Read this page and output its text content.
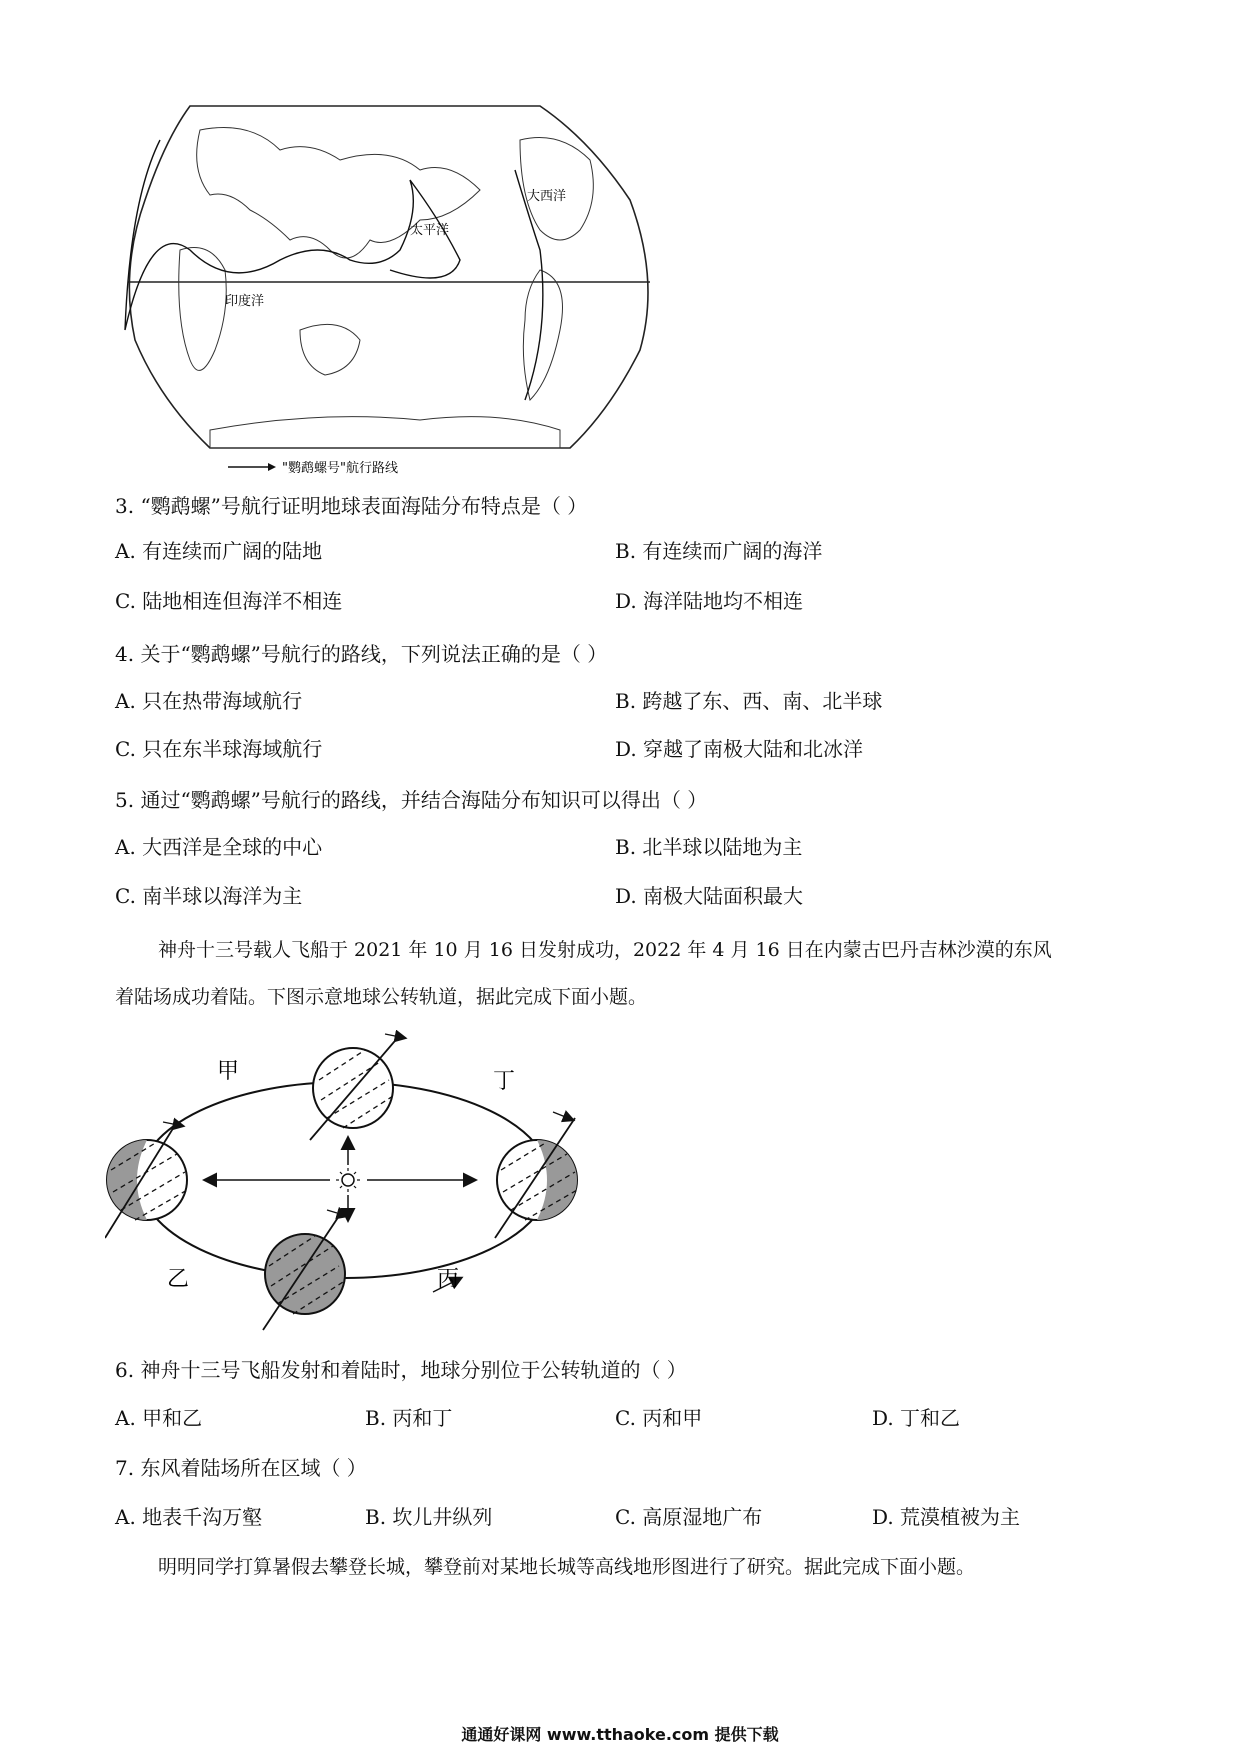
太平洋
大西洋
印度洋
"鹦鹉螺号"航行路线
3. “鹦鹉螺”号航行证明地球表面海陆分布特点是（ ）
A. 有连续而广阔的陆地	B. 有连续而广阔的海洋
C. 陆地相连但海洋不相连	D. 海洋陆地均不相连
4. 关于“鹦鹉螺”号航行的路线，下列说法正确的是（ ）
A. 只在热带海域航行	B. 跨越了东、西、南、北半球
C. 只在东半球海域航行	D. 穿越了南极大陆和北冰洋
5. 通过“鹦鹉螺”号航行的路线，并结合海陆分布知识可以得出（ ）
A. 大西洋是全球的中心	B. 北半球以陆地为主
C. 南半球以海洋为主	D. 南极大陆面积最大
神舟十三号载人飞船于 2021 年 10 月 16 日发射成功，2022 年 4 月 16 日在内蒙古巴丹吉林沙漠的东风
着陆场成功着陆。下图示意地球公转轨道，据此完成下面小题。
甲	丁
乙	丙
6. 神舟十三号飞船发射和着陆时，地球分别位于公转轨道的（ ）
A. 甲和乙	B. 丙和丁	C. 丙和甲	D. 丁和乙
7. 东风着陆场所在区域（ ）
A. 地表千沟万壑	B. 坎儿井纵列	C. 高原湿地广布	D. 荒漠植被为主
明明同学打算暑假去攀登长城，攀登前对某地长城等高线地形图进行了研究。据此完成下面小题。
通通好课网 www.tthaoke.com 提供下载
